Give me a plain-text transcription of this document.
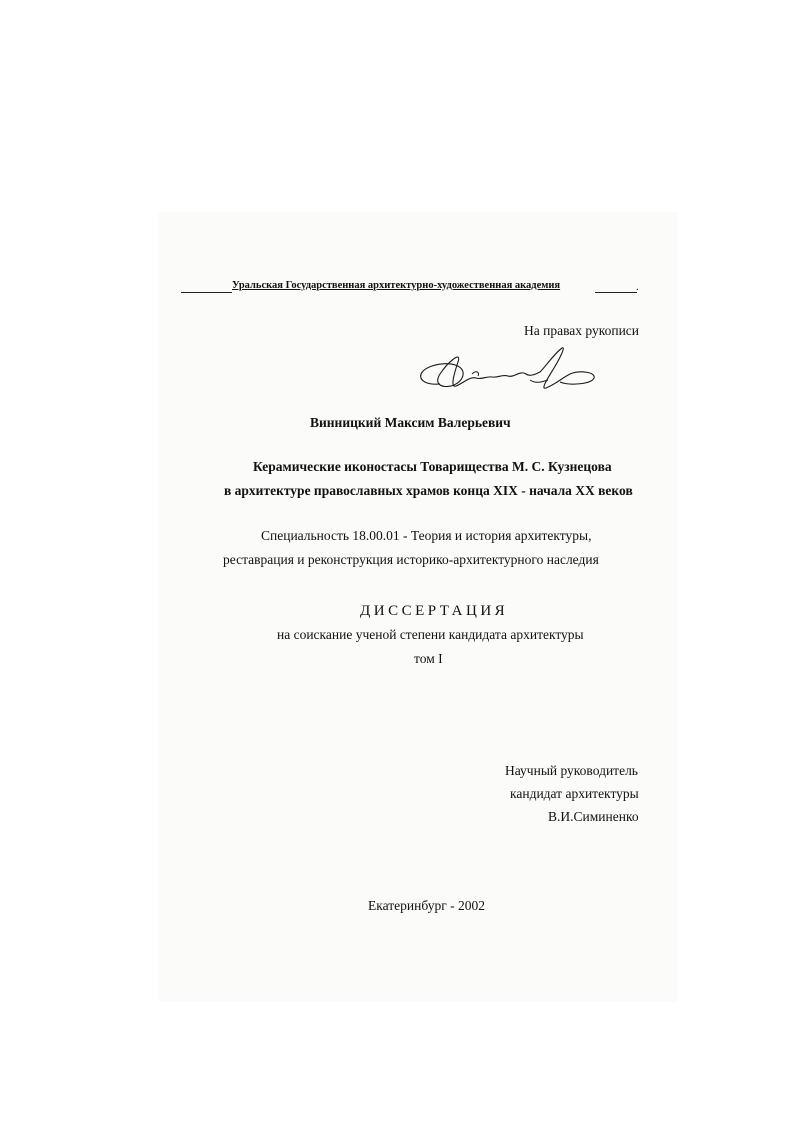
Уральская Государственная архитектурно-художественная академия	.
На правах рукописи
Винницкий Максим Валерьевич
Керамические иконостасы Товарищества М. С. Кузнецова
в архитектуре православных храмов конца XIX - начала XX веков
Специальность 18.00.01 - Теория и история архитектуры,
реставрация и реконструкция историко-архитектурного наследия
ДИССЕРТАЦИЯ
на соискание ученой степени кандидата архитектуры
том I
Научный руководитель
кандидат архитектуры
В.И.Симиненко
Екатеринбург - 2002
